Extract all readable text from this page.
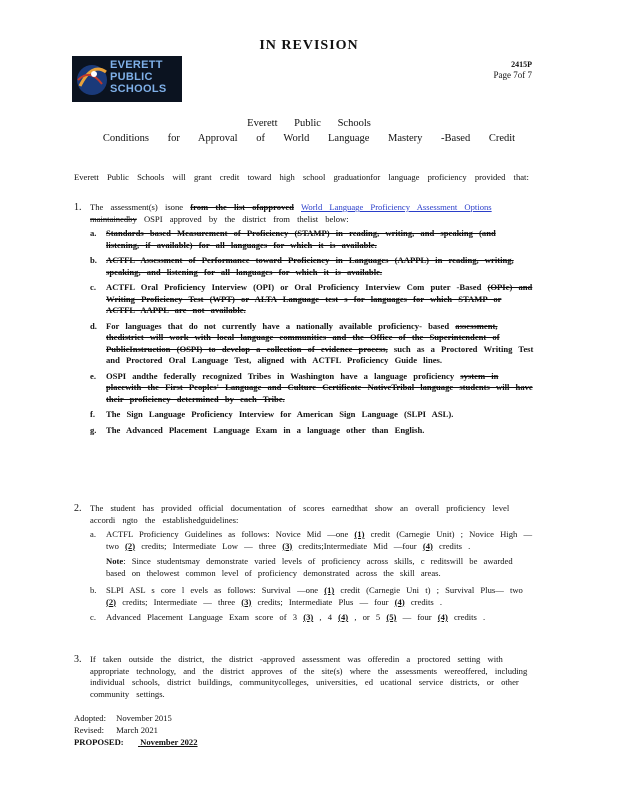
IN REVISION
EVERETT
PUBLIC
SCHOOLS
2415P
Page 7of 7
Everett Public Schools
Conditions for Approval of World Language Mastery -Based Credit
Everett Public Schools will grant credit toward high school graduationfor language proficiency provided that:
1. The assessment(s) isone from the list ofapproved World Language Proficiency Assessment Options maintainedby OSPI approved by the district from thelist below:
a. Standards based Measurement of Proficiency (STAMP) in reading, writing, and speaking (and listening, if available) for all languages for which it is available.
b. ACTFL Assessment of Performance toward Proficiency in Languages (AAPPL) in reading, writing, speaking, and listening for all languages for which it is available.
c. ACTFL Oral Proficiency Interview (OPI) or Oral Proficiency Interview Com puter -Based (OPIc) and Writing Proficiency Test (WPT) or ALTA Language test s for languages for which STAMP or ACTFL AAPPL are not available.
d. For languages that do not currently have a nationally available proficiency- based assessment, thedistrict will work with local language communities and the Office of the Superintendent of PublicInstruction (OSPI) to develop a collection of evidence process, such as a Proctored Writing Test and Proctored Oral Language Test, aligned with ACTFL Proficiency Guide lines.
e. OSPI andthe federally recognized Tribes in Washington have a language proficiency system in placewith the First Peoples' Language and Culture Certificate NativeTribal language students will have their proficiency determined by each Tribe.
f. The Sign Language Proficiency Interview for American Sign Language (SLPI ASL).
g. The Advanced Placement Language Exam in a language other than English.
2. The student has provided official documentation of scores earnedthat show an overall proficiency level accordi ngto the establishedguidelines:
a. ACTFL Proficiency Guidelines as follows: Novice Mid —one (1) credit (Carnegie Unit) ; Novice High — two (2) credits; Intermediate Low — three (3) credits;Intermediate Mid —four (4) credits .
Note: Since studentsmay demonstrate varied levels of proficiency across skills, c reditswill be awarded based on thelowest common level of proficiency demonstrated across the skill areas.
b. SLPI ASL s core l evels as follows: Survival —one (1) credit (Carnegie Uni t) ; Survival Plus— two (2) credits; Intermediate — three (3) credits; Intermediate Plus — four (4) credits .
c. Advanced Placement Language Exam score of 3 (3) , 4 (4) , or 5 (5) — four (4) credits .
3. If taken outside the district, the district -approved assessment was offeredin a proctored setting with appropriate technology, and the district approves of the site(s) where the assessments wereoffered, including individual schools, district buildings, communitycolleges, universities, ed ucational service districts, or other community settings.
Adopted: November 2015
Revised: March 2021
PROPOSED: November 2022
